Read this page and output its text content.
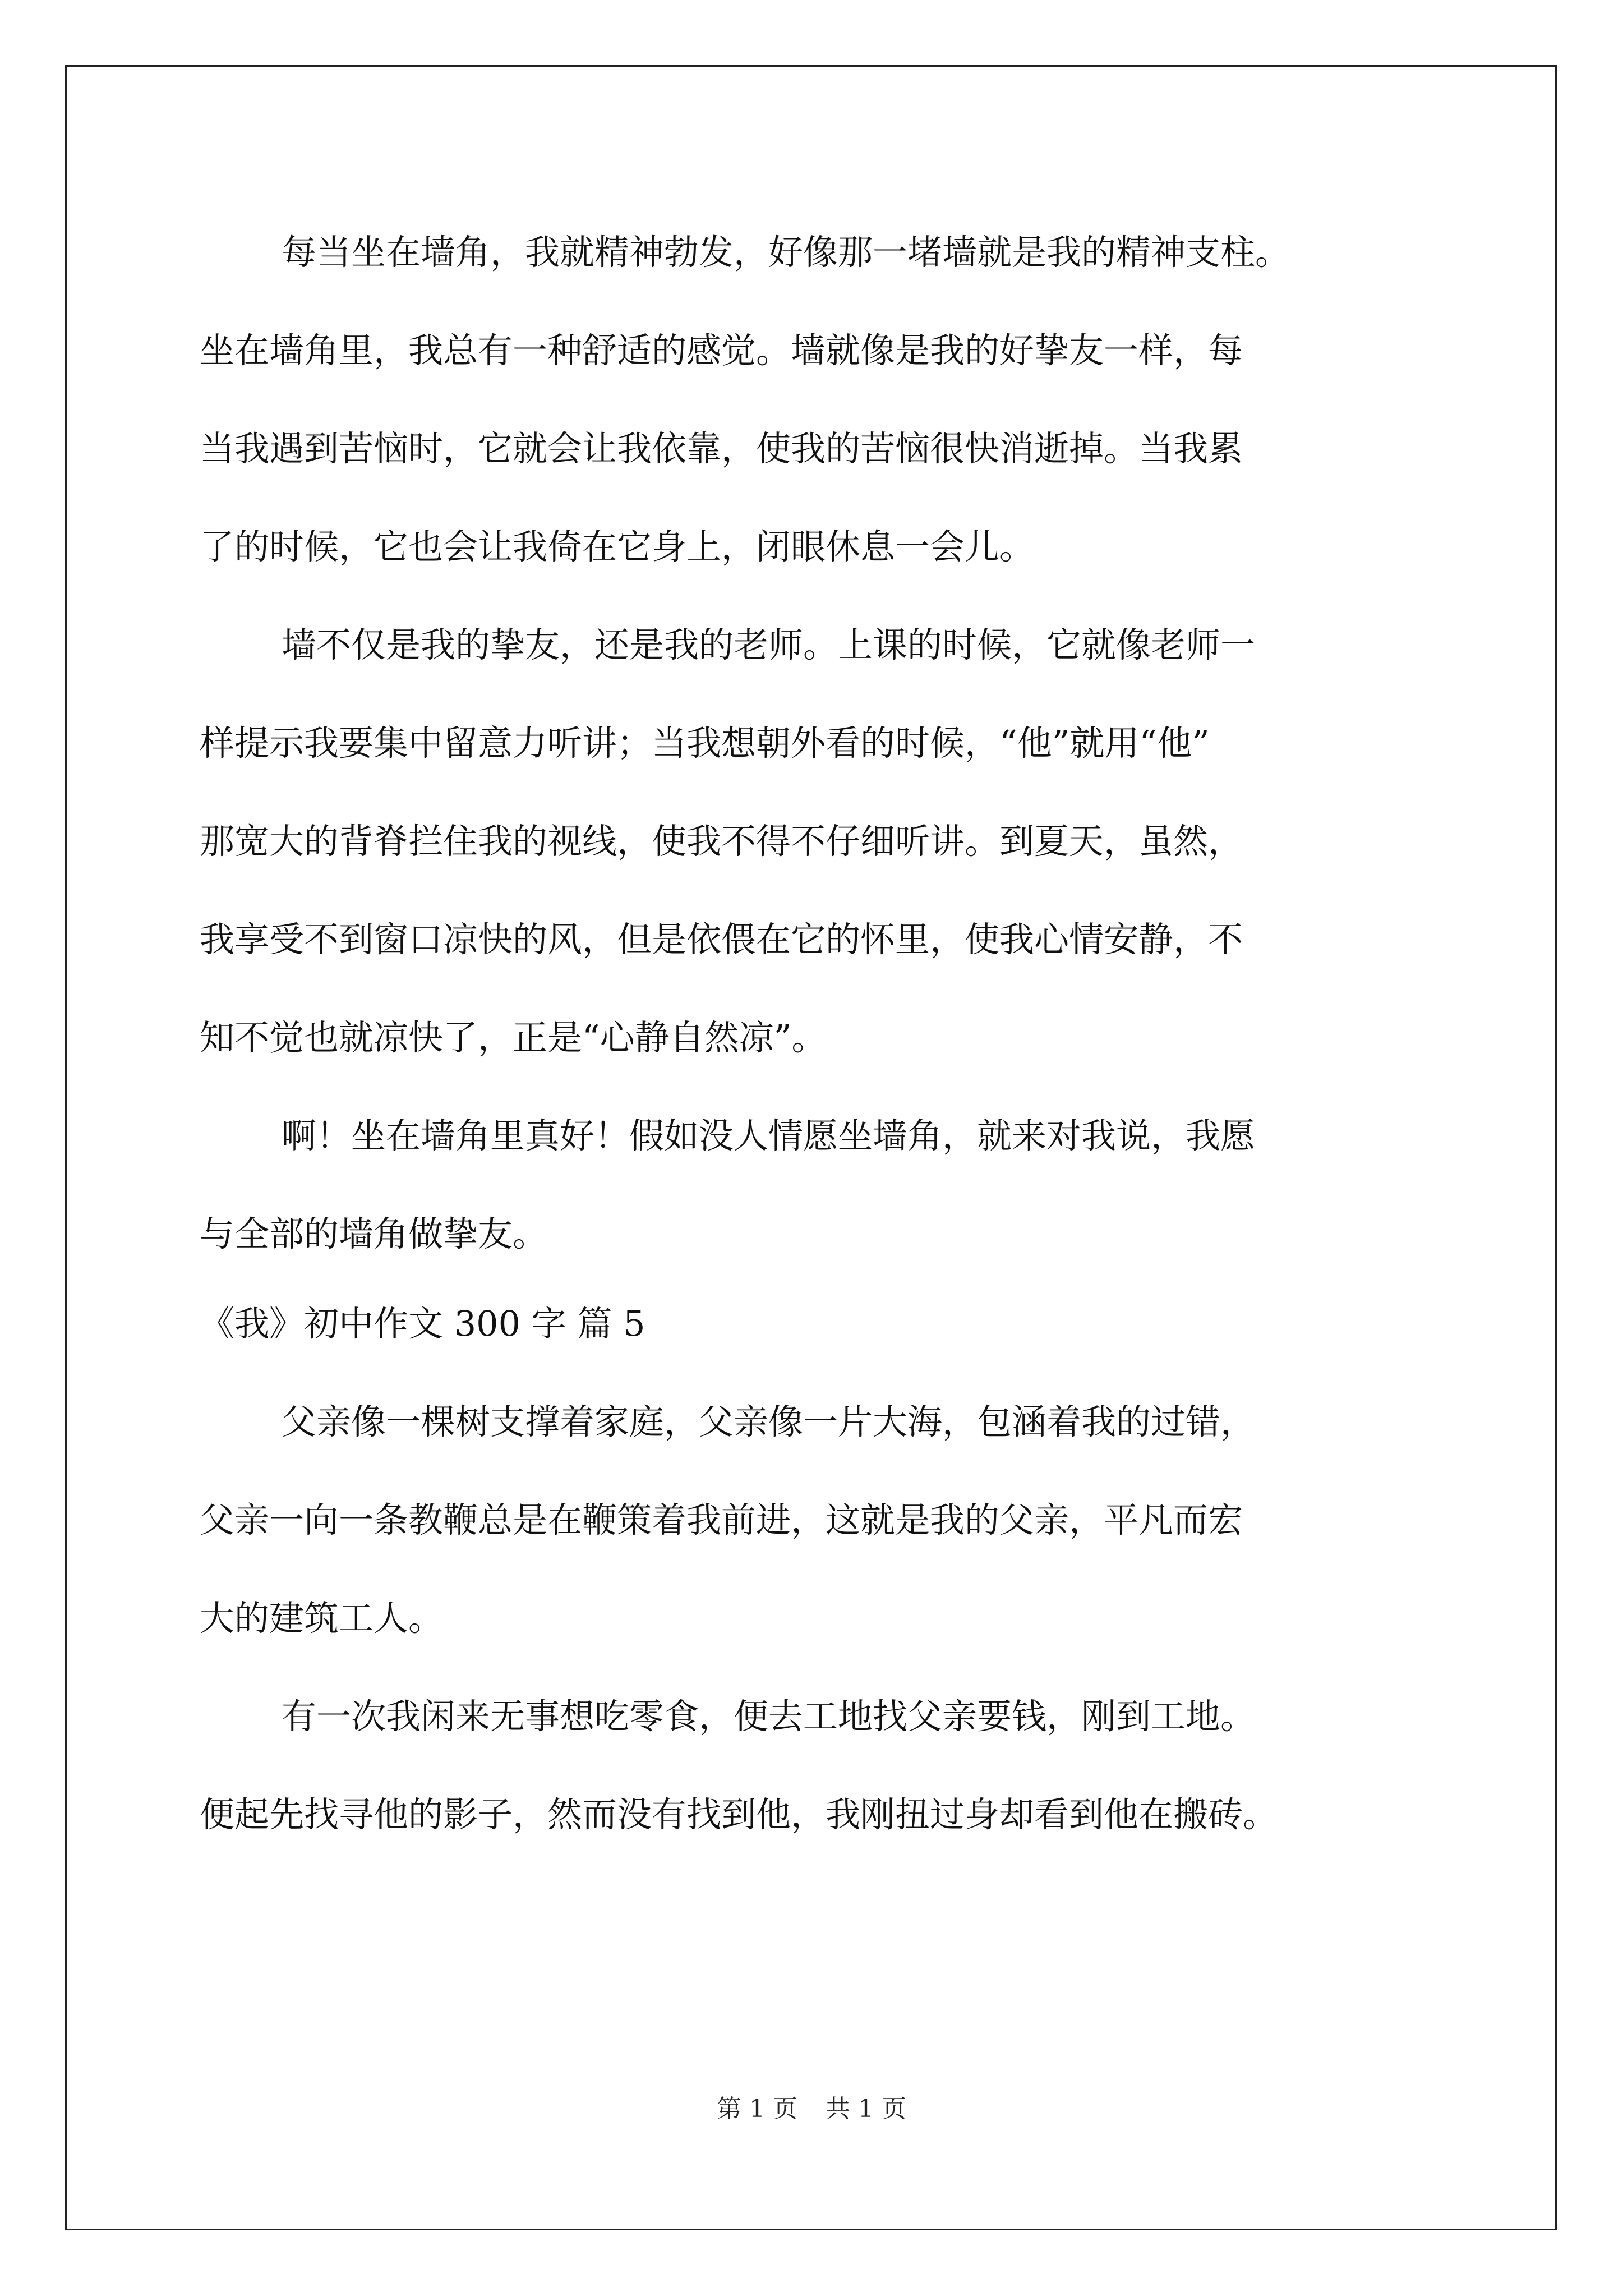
每当坐在墙角，我就精神勃发，好像那一堵墙就是我的精神支柱。
坐在墙角里，我总有一种舒适的感觉。墙就像是我的好挚友一样，每
当我遇到苦恼时，它就会让我依靠，使我的苦恼很快消逝掉。当我累
了的时候，它也会让我倚在它身上，闭眼休息一会儿。
墙不仅是我的挚友，还是我的老师。上课的时候，它就像老师一
样提示我要集中留意力听讲；当我想朝外看的时候，“他”就用“他”
那宽大的背脊拦住我的视线，使我不得不仔细听讲。到夏天，虽然，
我享受不到窗口凉快的风，但是依偎在它的怀里，使我心情安静，不
知不觉也就凉快了，正是“心静自然凉”。
啊！坐在墙角里真好！假如没人情愿坐墙角，就来对我说，我愿
与全部的墙角做挚友。
《我》初中作文 300 字 篇 5
父亲像一棵树支撑着家庭，父亲像一片大海，包涵着我的过错，
父亲一向一条教鞭总是在鞭策着我前进，这就是我的父亲，平凡而宏
大的建筑工人。
有一次我闲来无事想吃零食，便去工地找父亲要钱，刚到工地。
便起先找寻他的影子，然而没有找到他，我刚扭过身却看到他在搬砖。
第 1 页 共 1 页
